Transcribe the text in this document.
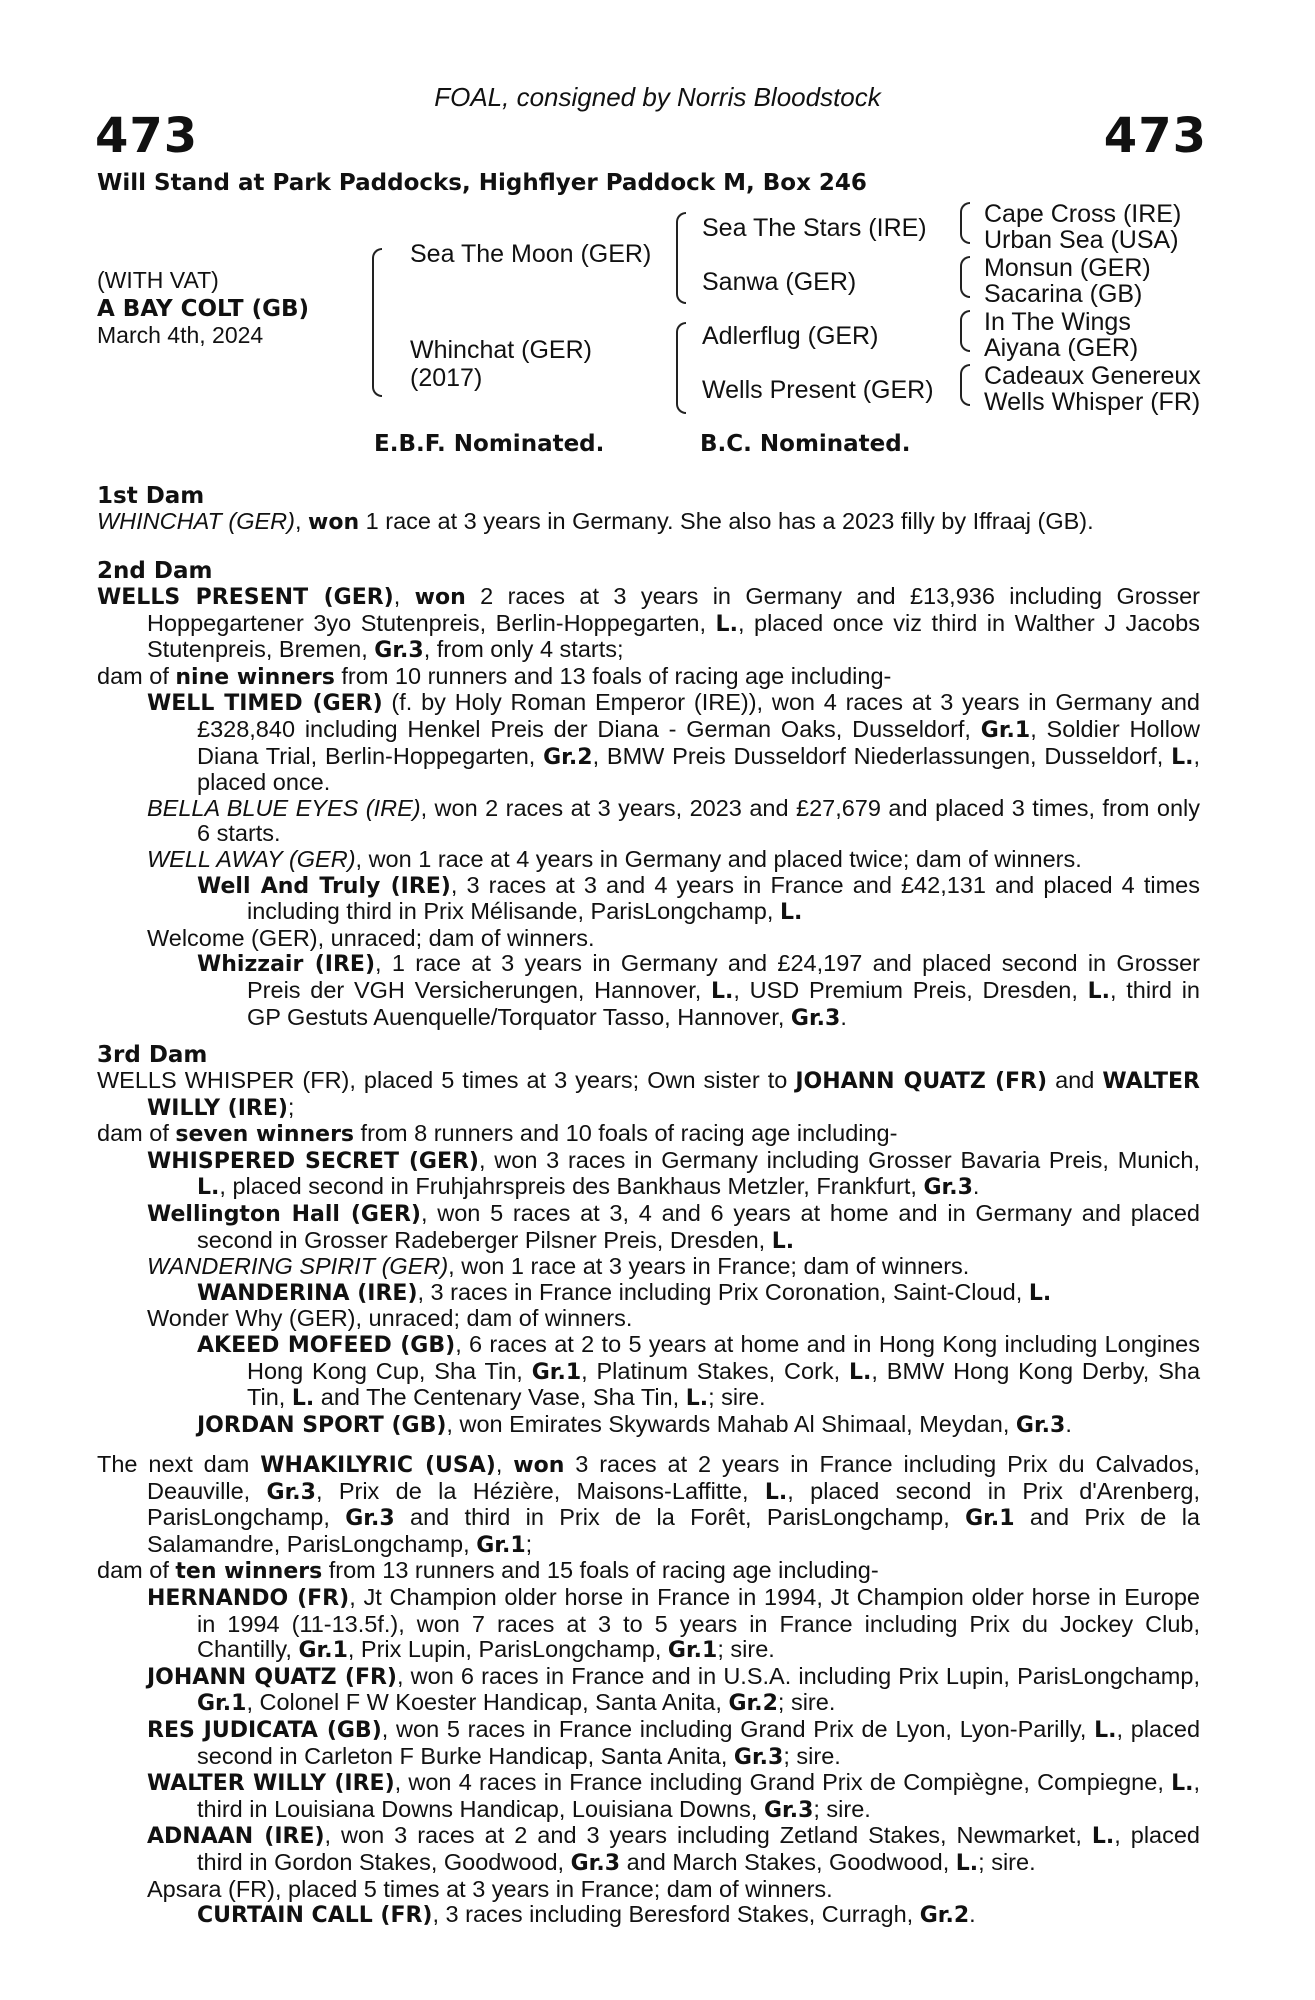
FOAL, consigned by Norris Bloodstock
473	473
Will Stand at Park Paddocks, Highflyer Paddock M, Box 246
(WITH VAT)
A BAY COLT (GB)
March 4th, 2024
Sea The Moon (GER)
Whinchat (GER)
(2017)
Sea The Stars (IRE)
Sanwa (GER)
Adlerflug (GER)
Wells Present (GER)
Cape Cross (IRE)
Urban Sea (USA)
Monsun (GER)
Sacarina (GB)
In The Wings
Aiyana (GER)
Cadeaux Genereux
Wells Whisper (FR)
E.B.F. Nominated.	B.C. Nominated.
1st Dam

WHINCHAT (GER), won 1 race at 3 years in Germany. She also has a 2023 filly by Iffraaj (GB).

2nd Dam

WELLS PRESENT (GER), won 2 races at 3 years in Germany and £13,936 including Grosser Hoppegartener 3yo Stutenpreis, Berlin-Hoppegarten, L., placed once viz third in Walther J Jacobs Stutenpreis, Bremen, Gr.3, from only 4 starts;

dam of nine winners from 10 runners and 13 foals of racing age including-

WELL TIMED (GER) (f. by Holy Roman Emperor (IRE)), won 4 races at 3 years in Germany and £328,840 including Henkel Preis der Diana - German Oaks, Dusseldorf, Gr.1, Soldier Hollow Diana Trial, Berlin-Hoppegarten, Gr.2, BMW Preis Dusseldorf Niederlassungen, Dusseldorf, L., placed once.

BELLA BLUE EYES (IRE), won 2 races at 3 years, 2023 and £27,679 and placed 3 times, from only 6 starts.

WELL AWAY (GER), won 1 race at 4 years in Germany and placed twice; dam of winners.

Well And Truly (IRE), 3 races at 3 and 4 years in France and £42,131 and placed 4 times including third in Prix Mélisande, ParisLongchamp, L.

Welcome (GER), unraced; dam of winners.

Whizzair (IRE), 1 race at 3 years in Germany and £24,197 and placed second in Grosser Preis der VGH Versicherungen, Hannover, L., USD Premium Preis, Dresden, L., third in GP Gestuts Auenquelle/Torquator Tasso, Hannover, Gr.3.

3rd Dam

WELLS WHISPER (FR), placed 5 times at 3 years; Own sister to JOHANN QUATZ (FR) and WALTER WILLY (IRE);

dam of seven winners from 8 runners and 10 foals of racing age including-

WHISPERED SECRET (GER), won 3 races in Germany including Grosser Bavaria Preis, Munich, L., placed second in Fruhjahrspreis des Bankhaus Metzler, Frankfurt, Gr.3.

Wellington Hall (GER), won 5 races at 3, 4 and 6 years at home and in Germany and placed second in Grosser Radeberger Pilsner Preis, Dresden, L.

WANDERING SPIRIT (GER), won 1 race at 3 years in France; dam of winners.

WANDERINA (IRE), 3 races in France including Prix Coronation, Saint-Cloud, L.

Wonder Why (GER), unraced; dam of winners.

AKEED MOFEED (GB), 6 races at 2 to 5 years at home and in Hong Kong including Longines Hong Kong Cup, Sha Tin, Gr.1, Platinum Stakes, Cork, L., BMW Hong Kong Derby, Sha Tin, L. and The Centenary Vase, Sha Tin, L.; sire.

JORDAN SPORT (GB), won Emirates Skywards Mahab Al Shimaal, Meydan, Gr.3.

The next dam WHAKILYRIC (USA), won 3 races at 2 years in France including Prix du Calvados, Deauville, Gr.3, Prix de la Hézière, Maisons-Laffitte, L., placed second in Prix d'Arenberg, ParisLongchamp, Gr.3 and third in Prix de la Forêt, ParisLongchamp, Gr.1 and Prix de la Salamandre, ParisLongchamp, Gr.1;

dam of ten winners from 13 runners and 15 foals of racing age including-

HERNANDO (FR), Jt Champion older horse in France in 1994, Jt Champion older horse in Europe in 1994 (11-13.5f.), won 7 races at 3 to 5 years in France including Prix du Jockey Club, Chantilly, Gr.1, Prix Lupin, ParisLongchamp, Gr.1; sire.

JOHANN QUATZ (FR), won 6 races in France and in U.S.A. including Prix Lupin, ParisLongchamp, Gr.1, Colonel F W Koester Handicap, Santa Anita, Gr.2; sire.

RES JUDICATA (GB), won 5 races in France including Grand Prix de Lyon, Lyon-Parilly, L., placed second in Carleton F Burke Handicap, Santa Anita, Gr.3; sire.

WALTER WILLY (IRE), won 4 races in France including Grand Prix de Compiègne, Compiegne, L., third in Louisiana Downs Handicap, Louisiana Downs, Gr.3; sire.

ADNAAN (IRE), won 3 races at 2 and 3 years including Zetland Stakes, Newmarket, L., placed third in Gordon Stakes, Goodwood, Gr.3 and March Stakes, Goodwood, L.; sire.

Apsara (FR), placed 5 times at 3 years in France; dam of winners.

CURTAIN CALL (FR), 3 races including Beresford Stakes, Curragh, Gr.2.
